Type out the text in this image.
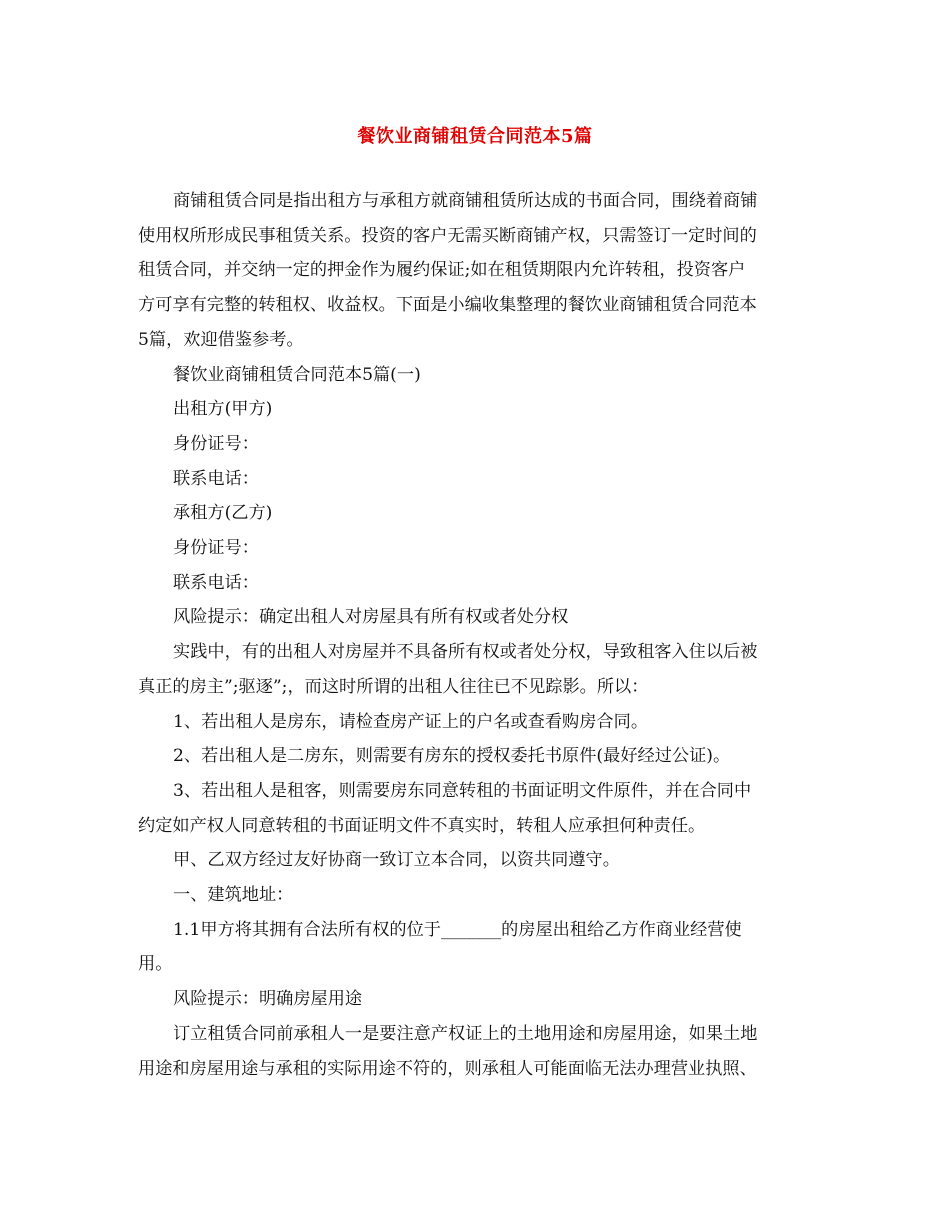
餐饮业商铺租赁合同范本5篇
商铺租赁合同是指出租方与承租方就商铺租赁所达成的书面合同，围绕着商铺
使用权所形成民事租赁关系。投资的客户无需买断商铺产权，只需签订一定时间的
租赁合同，并交纳一定的押金作为履约保证;如在租赁期限内允许转租，投资客户
方可享有完整的转租权、收益权。下面是小编收集整理的餐饮业商铺租赁合同范本
5篇，欢迎借鉴参考。
餐饮业商铺租赁合同范本5篇(一)
出租方(甲方)
身份证号：
联系电话：
承租方(乙方)
身份证号：
联系电话：
风险提示：确定出租人对房屋具有所有权或者处分权
实践中，有的出租人对房屋并不具备所有权或者处分权，导致租客入住以后被
真正的房主”;驱逐”;，而这时所谓的出租人往往已不见踪影。所以：
1、若出租人是房东，请检查房产证上的户名或查看购房合同。
2、若出租人是二房东，则需要有房东的授权委托书原件(最好经过公证)。
3、若出租人是租客，则需要房东同意转租的书面证明文件原件，并在合同中
约定如产权人同意转租的书面证明文件不真实时，转租人应承担何种责任。
甲、乙双方经过友好协商一致订立本合同，以资共同遵守。
一、建筑地址：
1.1甲方将其拥有合法所有权的位于_______的房屋出租给乙方作商业经营使
用。
风险提示：明确房屋用途
订立租赁合同前承租人一是要注意产权证上的土地用途和房屋用途，如果土地
用途和房屋用途与承租的实际用途不符的，则承租人可能面临无法办理营业执照、
